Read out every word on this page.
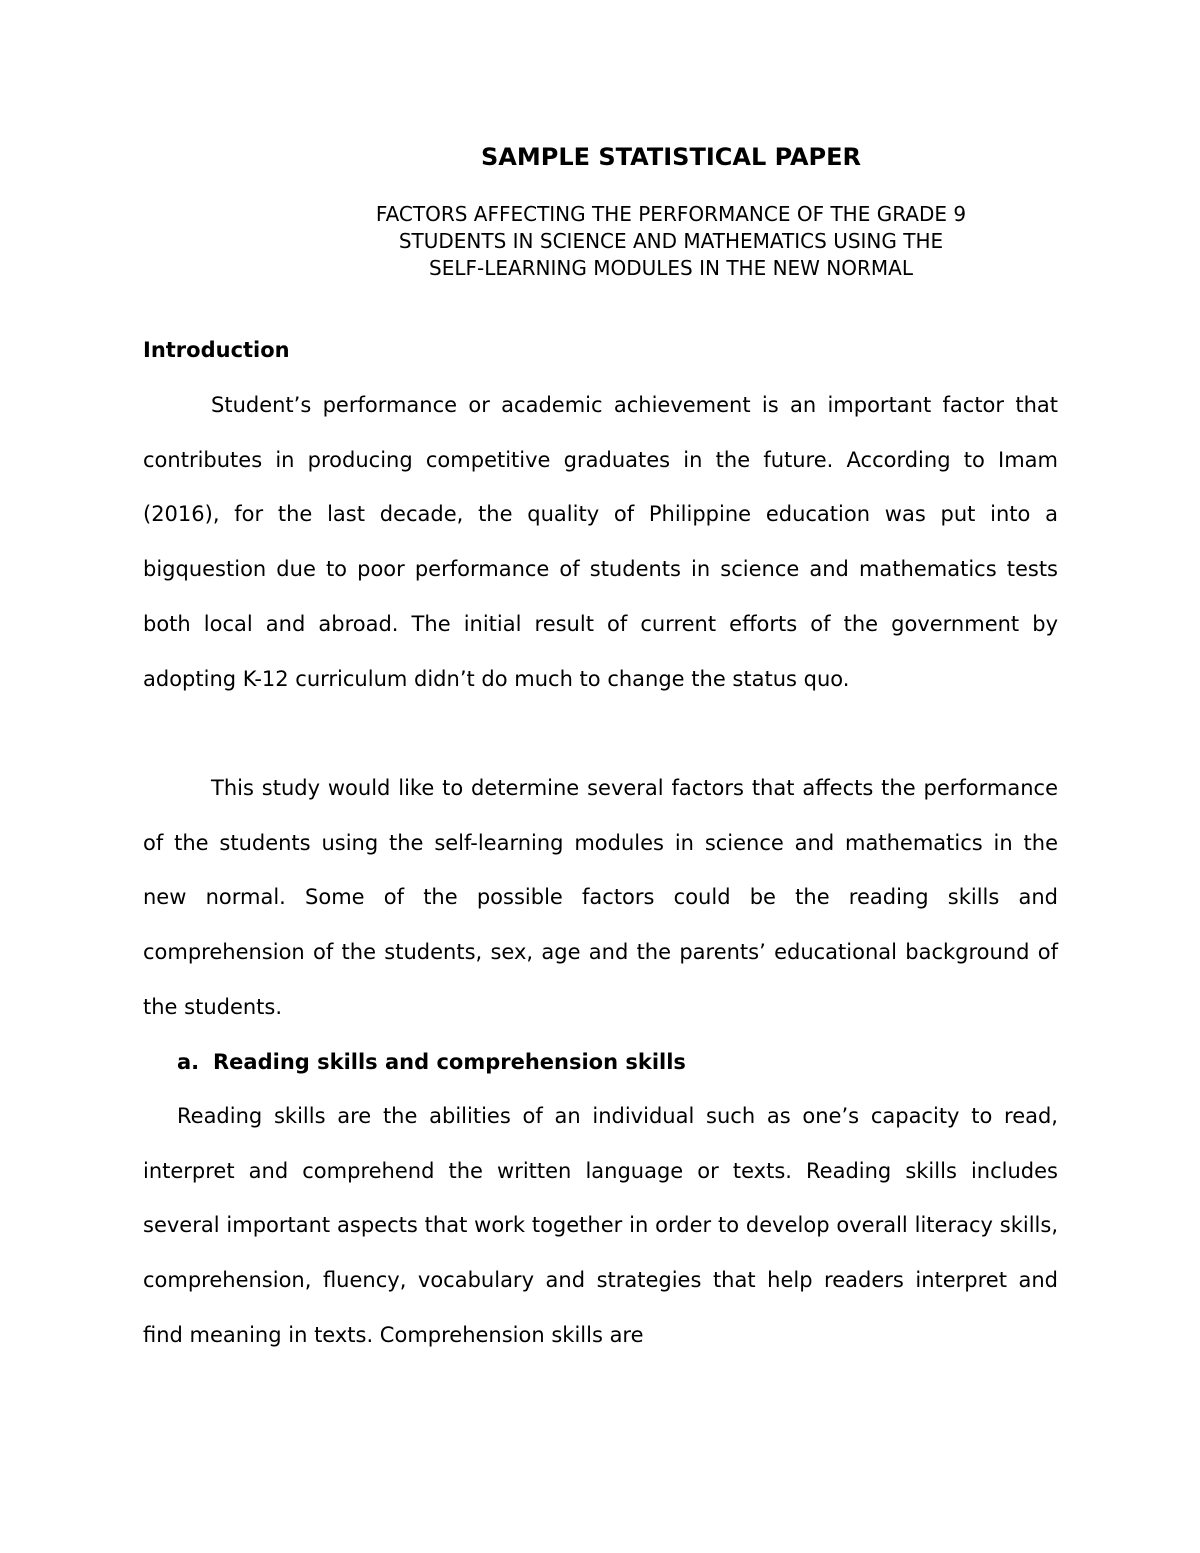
SAMPLE STATISTICAL PAPER
FACTORS AFFECTING THE PERFORMANCE OF THE GRADE 9
STUDENTS IN SCIENCE AND MATHEMATICS USING THE
SELF-LEARNING MODULES IN THE NEW NORMAL
Introduction

Student’s performance or academic achievement is an important factor that contributes in producing competitive graduates in the future. According to Imam (2016), for the last decade, the quality of Philippine education was put into a bigquestion due to poor performance of students in science and mathematics tests both local and abroad. The initial result of current efforts of the government by adopting K-12 curriculum didn’t do much to change the status quo.

This study would like to determine several factors that affects the performance of the students using the self-learning modules in science and mathematics in the new normal. Some of the possible factors could be the reading skills and comprehension of the students, sex, age and the parents’ educational background of the students.

a. Reading skills and comprehension skills

Reading skills are the abilities of an individual such as one’s capacity to read, interpret and comprehend the written language or texts. Reading skills includes several important aspects that work together in order to develop overall literacy skills, comprehension, fluency, vocabulary and strategies that help readers interpret and find meaning in texts. Comprehension skills are
